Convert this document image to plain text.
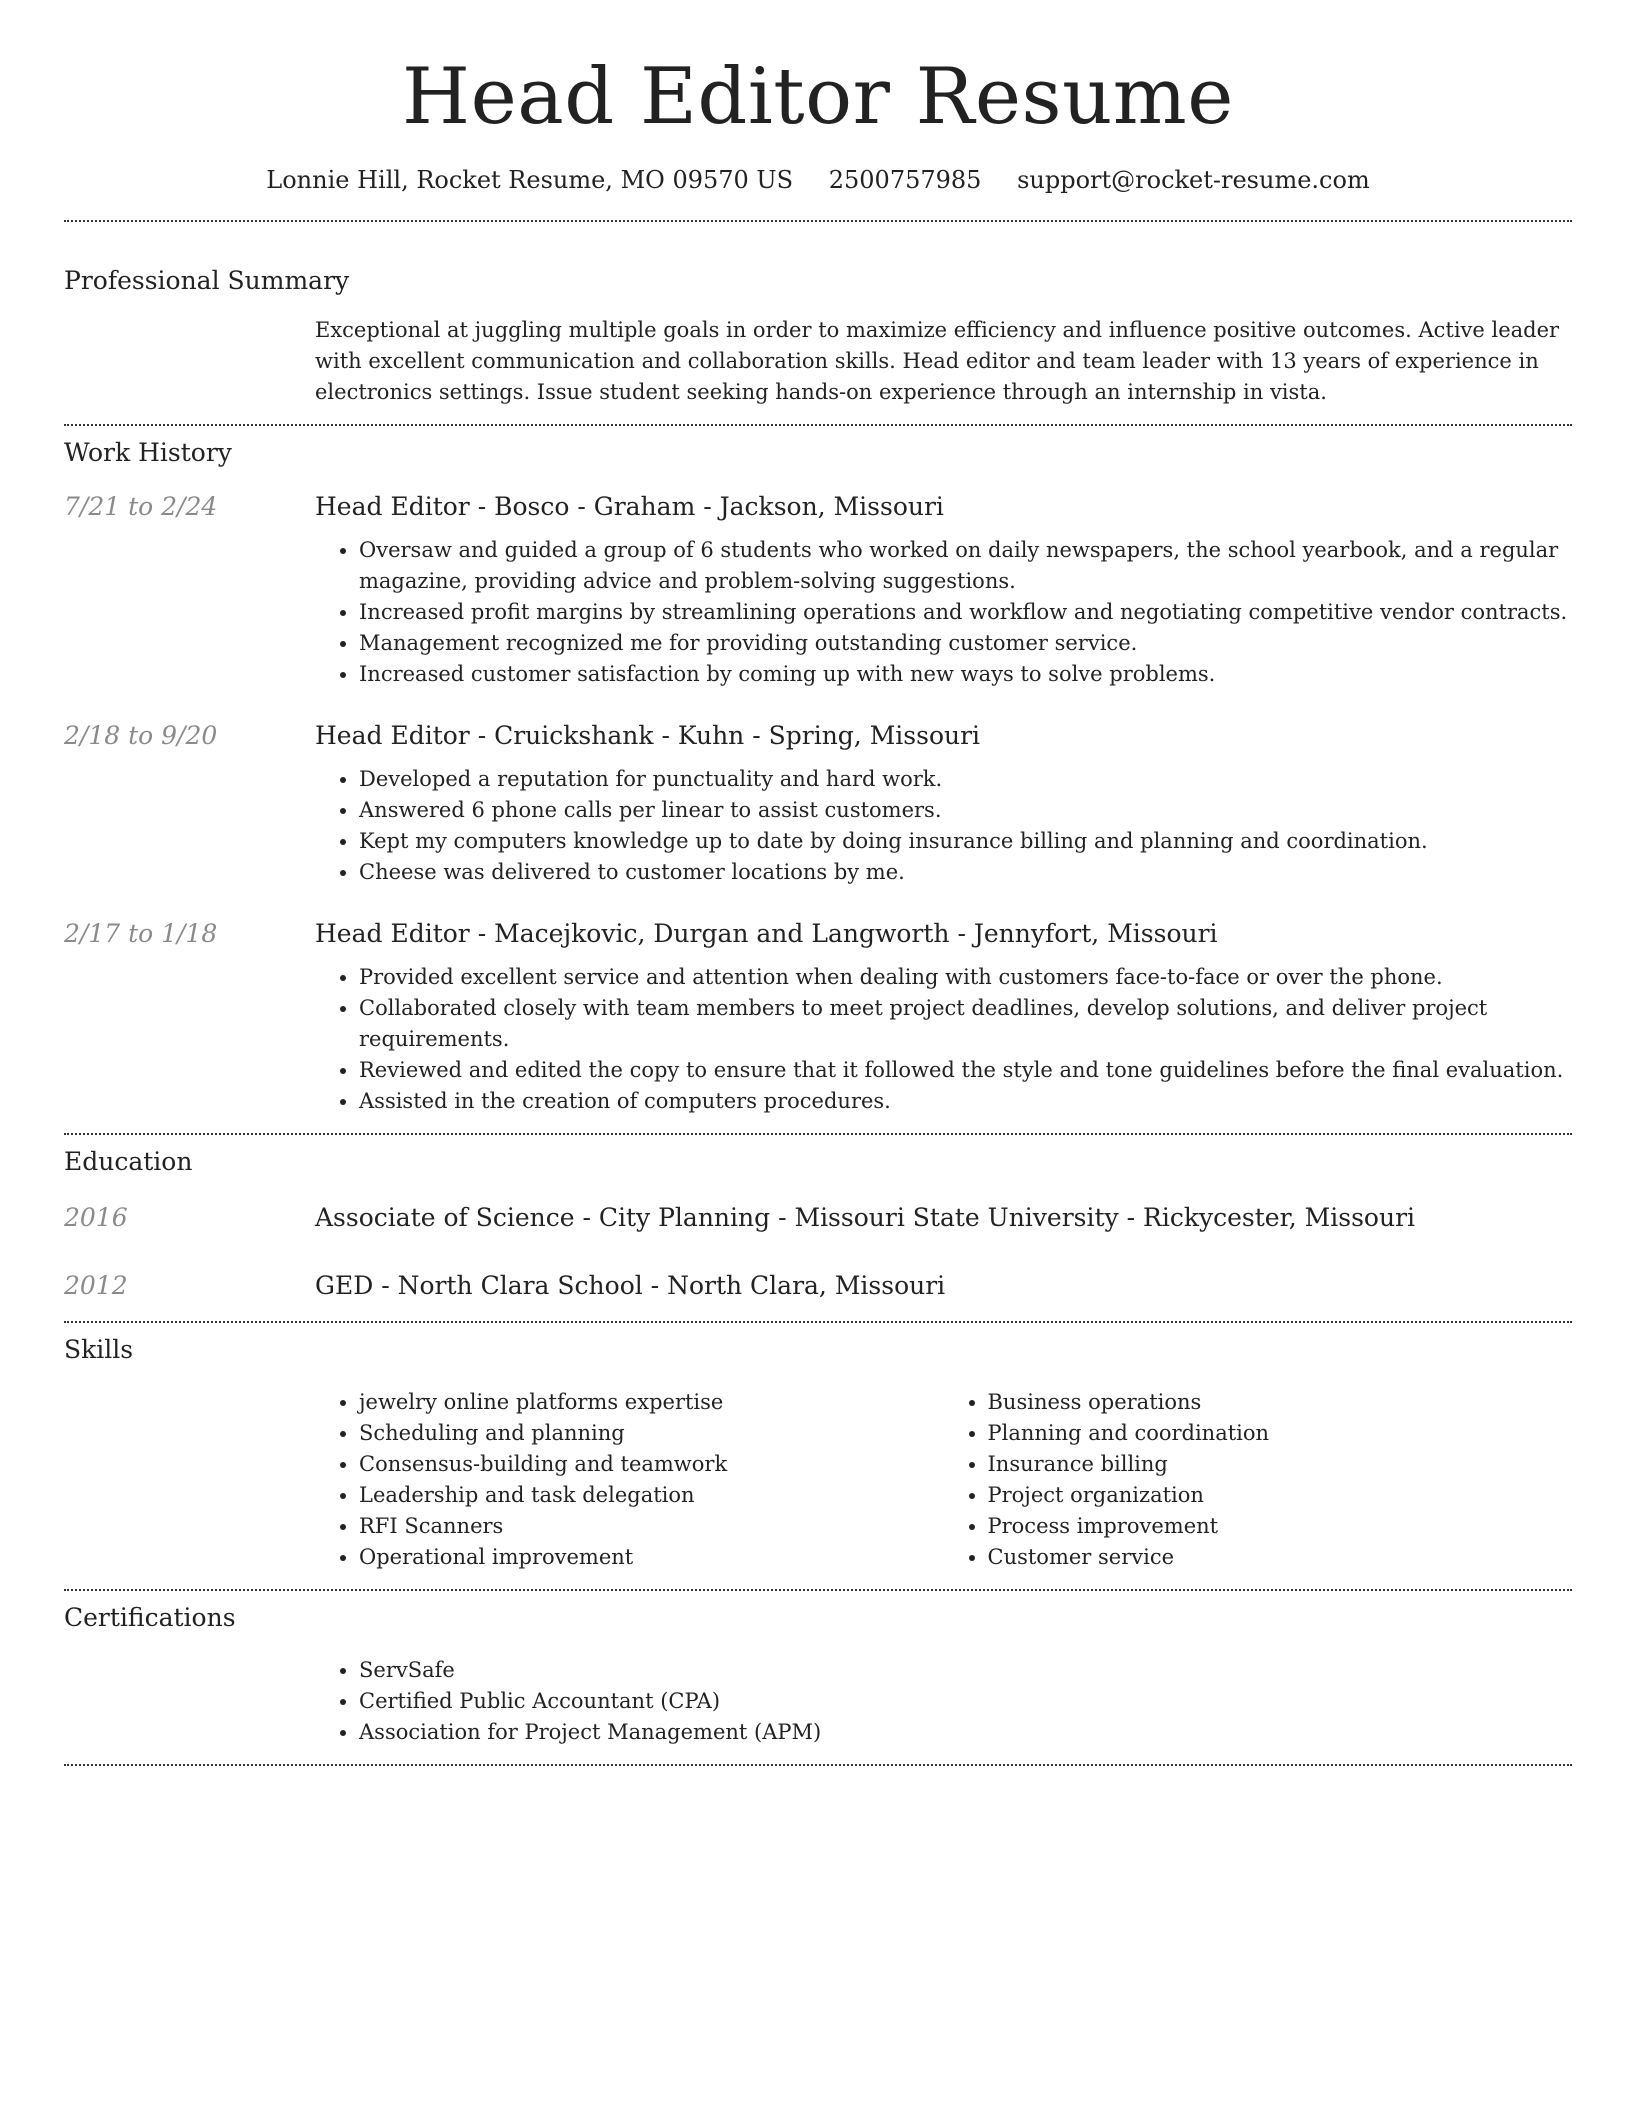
Head Editor Resume
Lonnie Hill, Rocket Resume, MO 09570 US 2500757985 support@rocket-resume.com
Professional Summary
Exceptional at juggling multiple goals in order to maximize efficiency and influence positive outcomes. Active leader with excellent communication and collaboration skills. Head editor and team leader with 13 years of experience in electronics settings. Issue student seeking hands-on experience through an internship in vista.
Work History
7/21 to 2/24	Head Editor - Bosco - Graham - Jackson, Missouri
• Oversaw and guided a group of 6 students who worked on daily newspapers, the school yearbook, and a regular magazine, providing advice and problem-solving suggestions.
• Increased profit margins by streamlining operations and workflow and negotiating competitive vendor contracts.
• Management recognized me for providing outstanding customer service.
• Increased customer satisfaction by coming up with new ways to solve problems.
2/18 to 9/20	Head Editor - Cruickshank - Kuhn - Spring, Missouri
• Developed a reputation for punctuality and hard work.
• Answered 6 phone calls per linear to assist customers.
• Kept my computers knowledge up to date by doing insurance billing and planning and coordination.
• Cheese was delivered to customer locations by me.
2/17 to 1/18	Head Editor - Macejkovic, Durgan and Langworth - Jennyfort, Missouri
• Provided excellent service and attention when dealing with customers face-to-face or over the phone.
• Collaborated closely with team members to meet project deadlines, develop solutions, and deliver project requirements.
• Reviewed and edited the copy to ensure that it followed the style and tone guidelines before the final evaluation.
• Assisted in the creation of computers procedures.
Education
2016	Associate of Science - City Planning - Missouri State University - Rickycester, Missouri
2012	GED - North Clara School - North Clara, Missouri
Skills
• jewelry online platforms expertise
• Scheduling and planning
• Consensus-building and teamwork
• Leadership and task delegation
• RFI Scanners
• Operational improvement
• Business operations
• Planning and coordination
• Insurance billing
• Project organization
• Process improvement
• Customer service
Certifications
• ServSafe
• Certified Public Accountant (CPA)
• Association for Project Management (APM)
